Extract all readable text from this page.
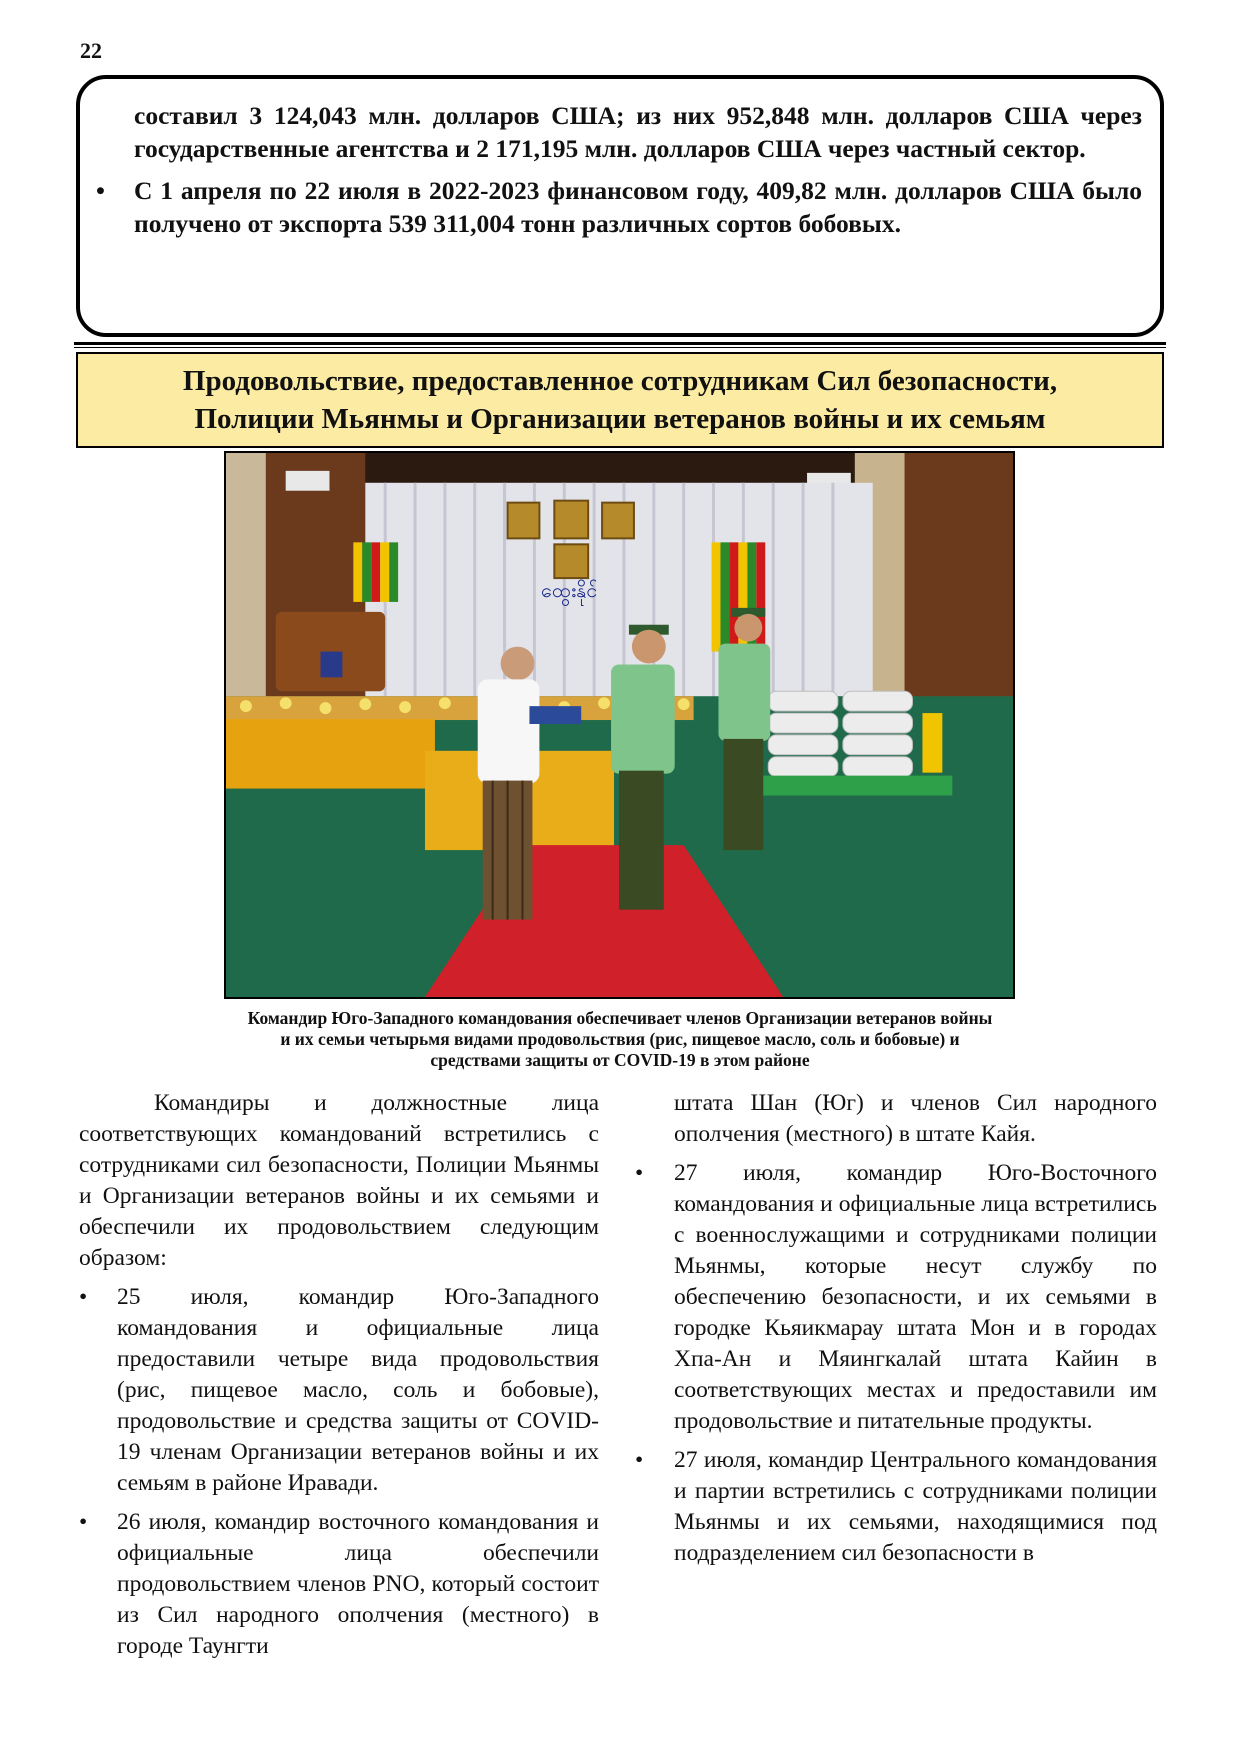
22

составил 3 124,043 млн. долларов США; из них 952,848 млн. долларов США через государственные агентства и 2 171,195 млн. долларов США через частный сектор.

• С 1 апреля по 22 июля в 2022-2023 финансовом году, 409,82 млн. долларов США было получено от экспорта 539 311,004 тонн различных сортов бобовых.

Продовольствие, предоставленное сотрудникам Сил безопасности,
Полиции Мьянмы и Организации ветеранов войны и их семьям
ထွေးနိုင်
Командир Юго-Западного командования обеспечивает членов Организации ветеранов войны
и их семьи четырьмя видами продовольствия (рис, пищевое масло, соль и бобовые) и
средствами защиты от COVID-19 в этом районе

Командиры и должностные лица соответствующих командований встретились с сотрудниками сил безопасности, Полиции Мьянмы и Организации ветеранов войны и их семьями и обеспечили их продовольствием следующим образом:

• 25 июля, командир Юго-Западного командования и официальные лица предоставили четыре вида продовольствия (рис, пищевое масло, соль и бобовые), продовольствие и средства защиты от COVID-19 членам Организации ветеранов войны и их семьям в районе Иравади.

• 26 июля, командир восточного командования и официальные лица обеспечили продовольствием членов PNO, который состоит из Сил народного ополчения (местного) в городе Таунгти

штата Шан (Юг) и членов Сил народного ополчения (местного) в штате Кайя.

• 27 июля, командир Юго-Восточного командования и официальные лица встретились с военнослужащими и сотрудниками полиции Мьянмы, которые несут службу по обеспечению безопасности, и их семьями в городке Кьяикмарау штата Мон и в городах Хпа-Ан и Мяингкалай штата Кайин в соответствующих местах и предоставили им продовольствие и питательные продукты.

• 27 июля, командир Центрального командования и партии встретились с сотрудниками полиции Мьянмы и их семьями, находящимися под подразделением сил безопасности в
